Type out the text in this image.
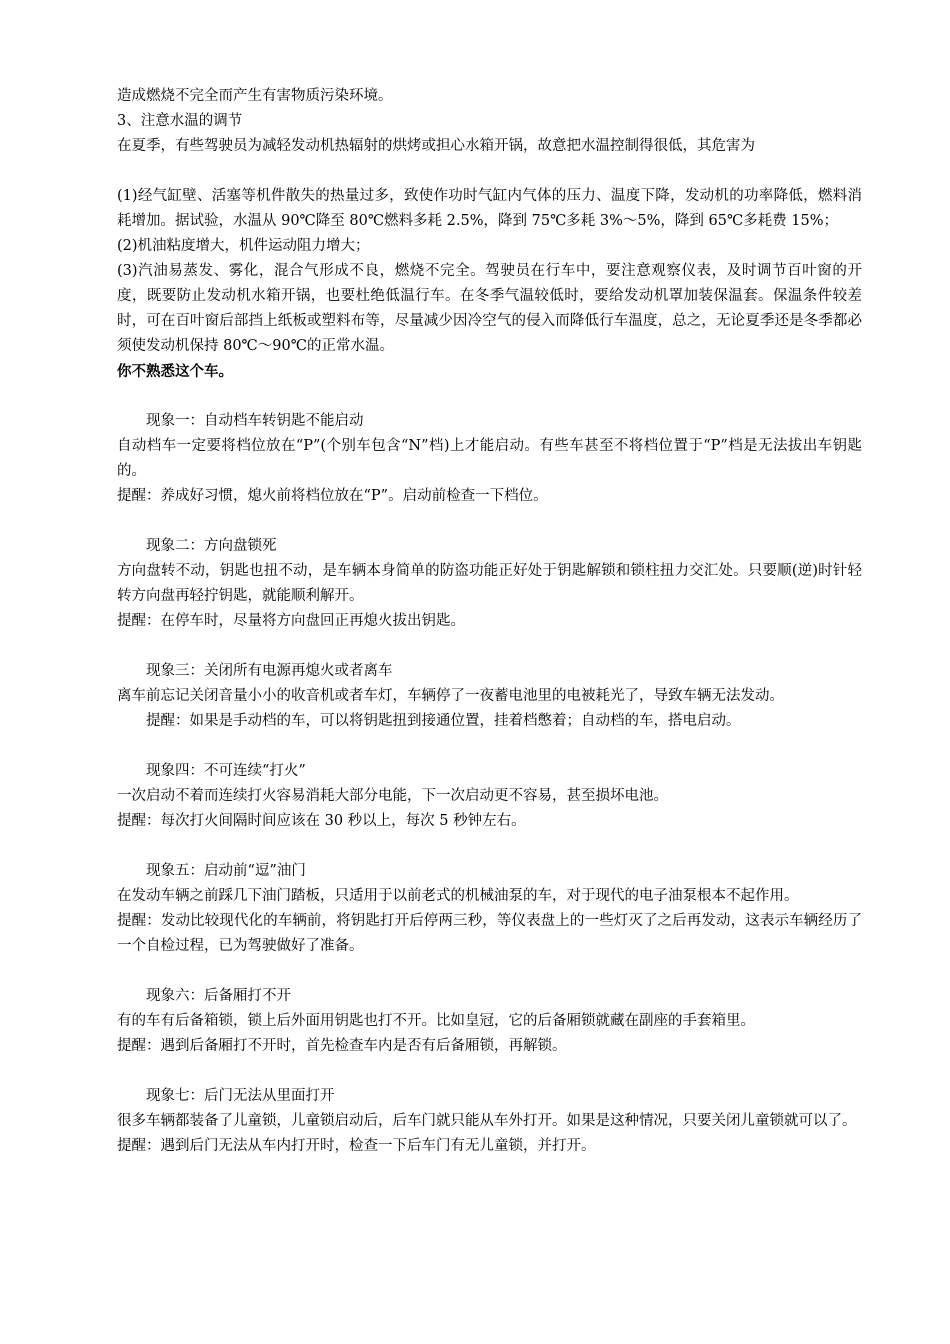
造成燃烧不完全而产生有害物质污染环境。

3、注意水温的调节

在夏季，有些驾驶员为减轻发动机热辐射的烘烤或担心水箱开锅，故意把水温控制得很低，其危害为

(1)经气缸壁、活塞等机件散失的热量过多，致使作功时气缸内气体的压力、温度下降，发动机的功率降低，燃料消耗增加。据试验，水温从 90℃降至 80℃燃料多耗 2.5%，降到 75℃多耗 3%～5%，降到 65℃多耗费 15%；

(2)机油粘度增大，机件运动阻力增大；

(3)汽油易蒸发、雾化，混合气形成不良，燃烧不完全。驾驶员在行车中，要注意观察仪表，及时调节百叶窗的开度，既要防止发动机水箱开锅，也要杜绝低温行车。在冬季气温较低时，要给发动机罩加装保温套。保温条件较差时，可在百叶窗后部挡上纸板或塑料布等，尽量减少因冷空气的侵入而降低行车温度，总之，无论夏季还是冬季都必须使发动机保持 80℃～90℃的正常水温。

你不熟悉这个车。

现象一：自动档车转钥匙不能启动

自动档车一定要将档位放在“P”(个别车包含“N”档)上才能启动。有些车甚至不将档位置于“P”档是无法拔出车钥匙的。

提醒：养成好习惯，熄火前将档位放在“P”。启动前检查一下档位。

现象二：方向盘锁死

方向盘转不动，钥匙也扭不动，是车辆本身简单的防盗功能正好处于钥匙解锁和锁柱扭力交汇处。只要顺(逆)时针轻转方向盘再轻拧钥匙，就能顺利解开。

提醒：在停车时，尽量将方向盘回正再熄火拔出钥匙。

现象三：关闭所有电源再熄火或者离车

离车前忘记关闭音量小小的收音机或者车灯，车辆停了一夜蓄电池里的电被耗光了，导致车辆无法发动。

提醒：如果是手动档的车，可以将钥匙扭到接通位置，挂着档憋着；自动档的车，搭电启动。

现象四：不可连续“打火”

一次启动不着而连续打火容易消耗大部分电能，下一次启动更不容易，甚至损坏电池。

提醒：每次打火间隔时间应该在 30 秒以上，每次 5 秒钟左右。

现象五：启动前“逗”油门

在发动车辆之前踩几下油门踏板，只适用于以前老式的机械油泵的车，对于现代的电子油泵根本不起作用。

提醒：发动比较现代化的车辆前，将钥匙打开后停两三秒，等仪表盘上的一些灯灭了之后再发动，这表示车辆经历了一个自检过程，已为驾驶做好了准备。

现象六：后备厢打不开

有的车有后备箱锁，锁上后外面用钥匙也打不开。比如皇冠，它的后备厢锁就藏在副座的手套箱里。

提醒：遇到后备厢打不开时，首先检查车内是否有后备厢锁，再解锁。

现象七：后门无法从里面打开

很多车辆都装备了儿童锁，儿童锁启动后，后车门就只能从车外打开。如果是这种情况，只要关闭儿童锁就可以了。

提醒：遇到后门无法从车内打开时，检查一下后车门有无儿童锁，并打开。
